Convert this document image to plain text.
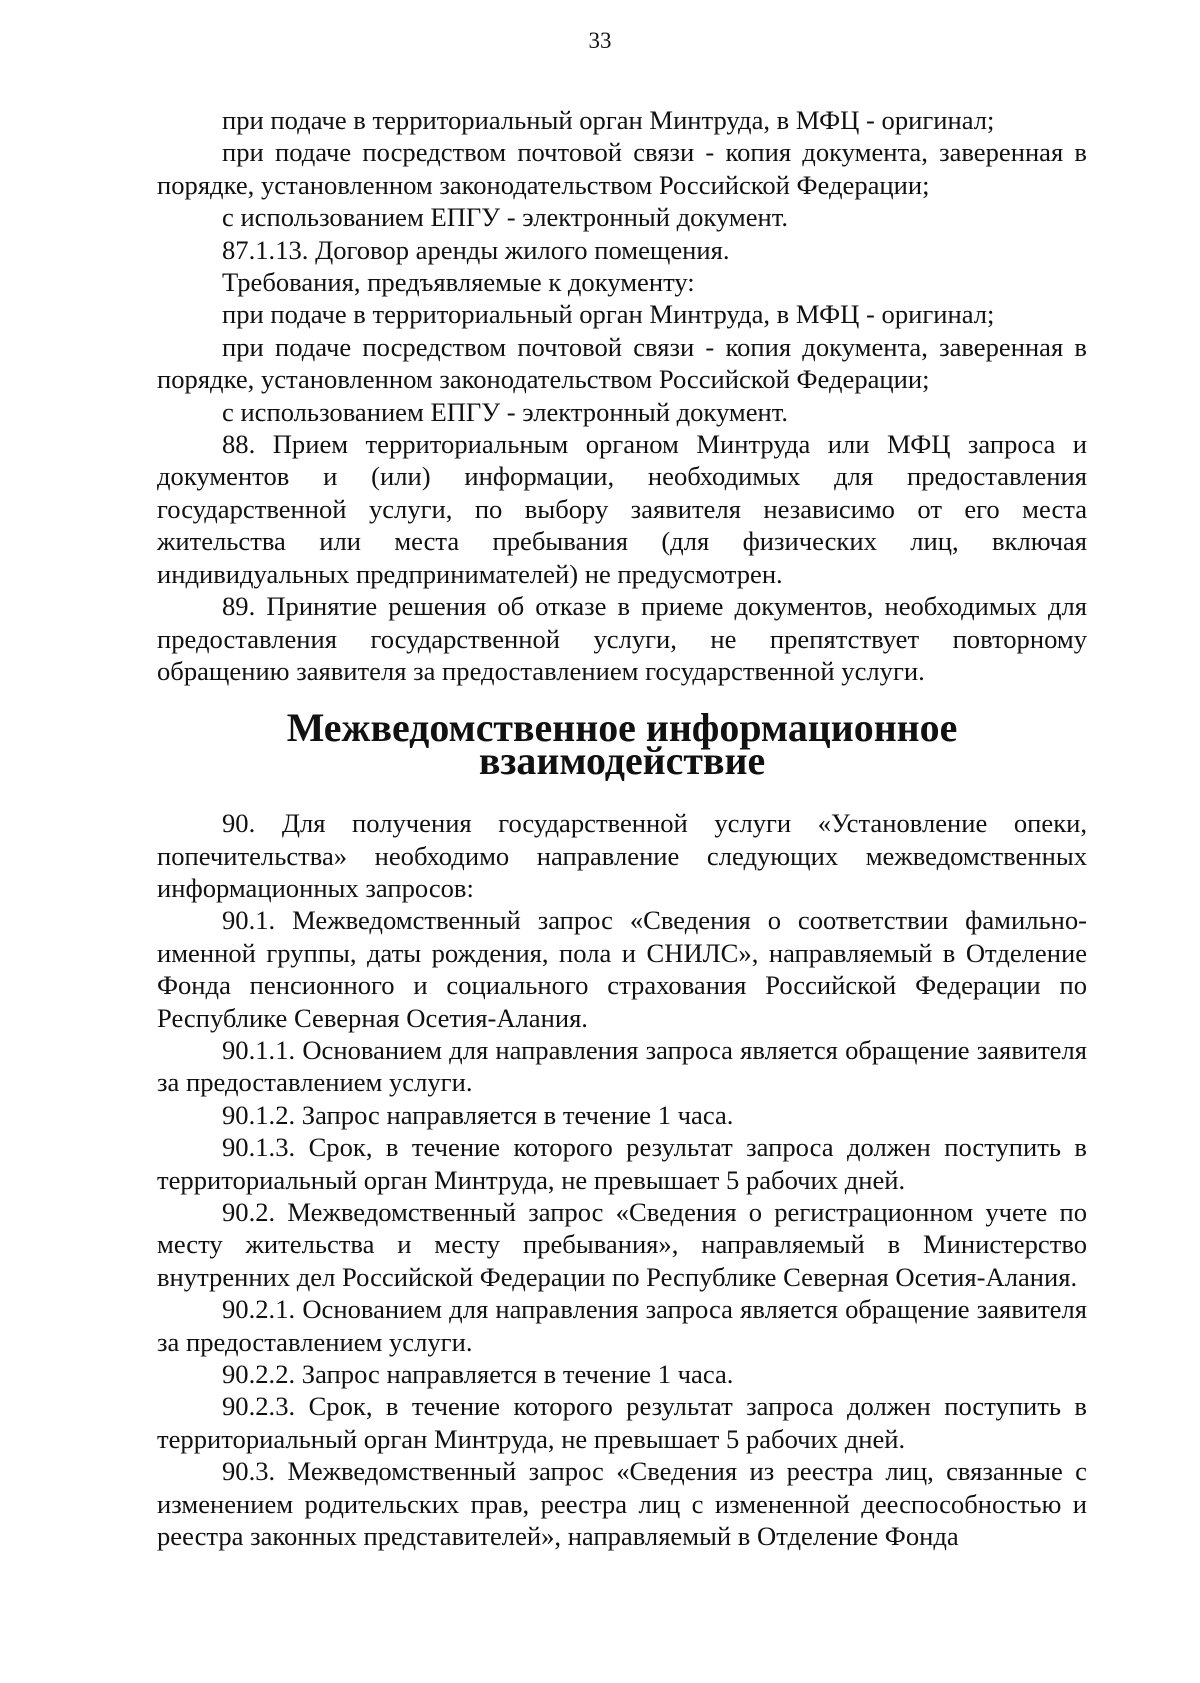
33

при подаче в территориальный орган Минтруда, в МФЦ - оригинал;

при подаче посредством почтовой связи - копия документа, заверенная в порядке, установленном законодательством Российской Федерации;

с использованием ЕПГУ - электронный документ.

87.1.13. Договор аренды жилого помещения.

Требования, предъявляемые к документу:

при подаче в территориальный орган Минтруда, в МФЦ - оригинал;

при подаче посредством почтовой связи - копия документа, заверенная в порядке, установленном законодательством Российской Федерации;

с использованием ЕПГУ - электронный документ.

88. Прием территориальным органом Минтруда или МФЦ запроса и документов и (или) информации, необходимых для предоставления государственной услуги, по выбору заявителя независимо от его места жительства или места пребывания (для физических лиц, включая индивидуальных предпринимателей) не предусмотрен.

89. Принятие решения об отказе в приеме документов, необходимых для предоставления государственной услуги, не препятствует повторному обращению заявителя за предоставлением государственной услуги.

Межведомственное информационное взаимодействие

90. Для получения государственной услуги «Установление опеки, попечительства» необходимо направление следующих межведомственных информационных запросов:

90.1. Межведомственный запрос «Сведения о соответствии фамильно-именной группы, даты рождения, пола и СНИЛС», направляемый в Отделение Фонда пенсионного и социального страхования Российской Федерации по Республике Северная Осетия-Алания.

90.1.1. Основанием для направления запроса является обращение заявителя за предоставлением услуги.

90.1.2. Запрос направляется в течение 1 часа.

90.1.3. Срок, в течение которого результат запроса должен поступить в территориальный орган Минтруда, не превышает 5 рабочих дней.

90.2. Межведомственный запрос «Сведения о регистрационном учете по месту жительства и месту пребывания», направляемый в Министерство внутренних дел Российской Федерации по Республике Северная Осетия-Алания.

90.2.1. Основанием для направления запроса является обращение заявителя за предоставлением услуги.

90.2.2. Запрос направляется в течение 1 часа.

90.2.3. Срок, в течение которого результат запроса должен поступить в территориальный орган Минтруда, не превышает 5 рабочих дней.

90.3. Межведомственный запрос «Сведения из реестра лиц, связанные с изменением родительских прав, реестра лиц с измененной дееспособностью и реестра законных представителей», направляемый в Отделение Фонда
